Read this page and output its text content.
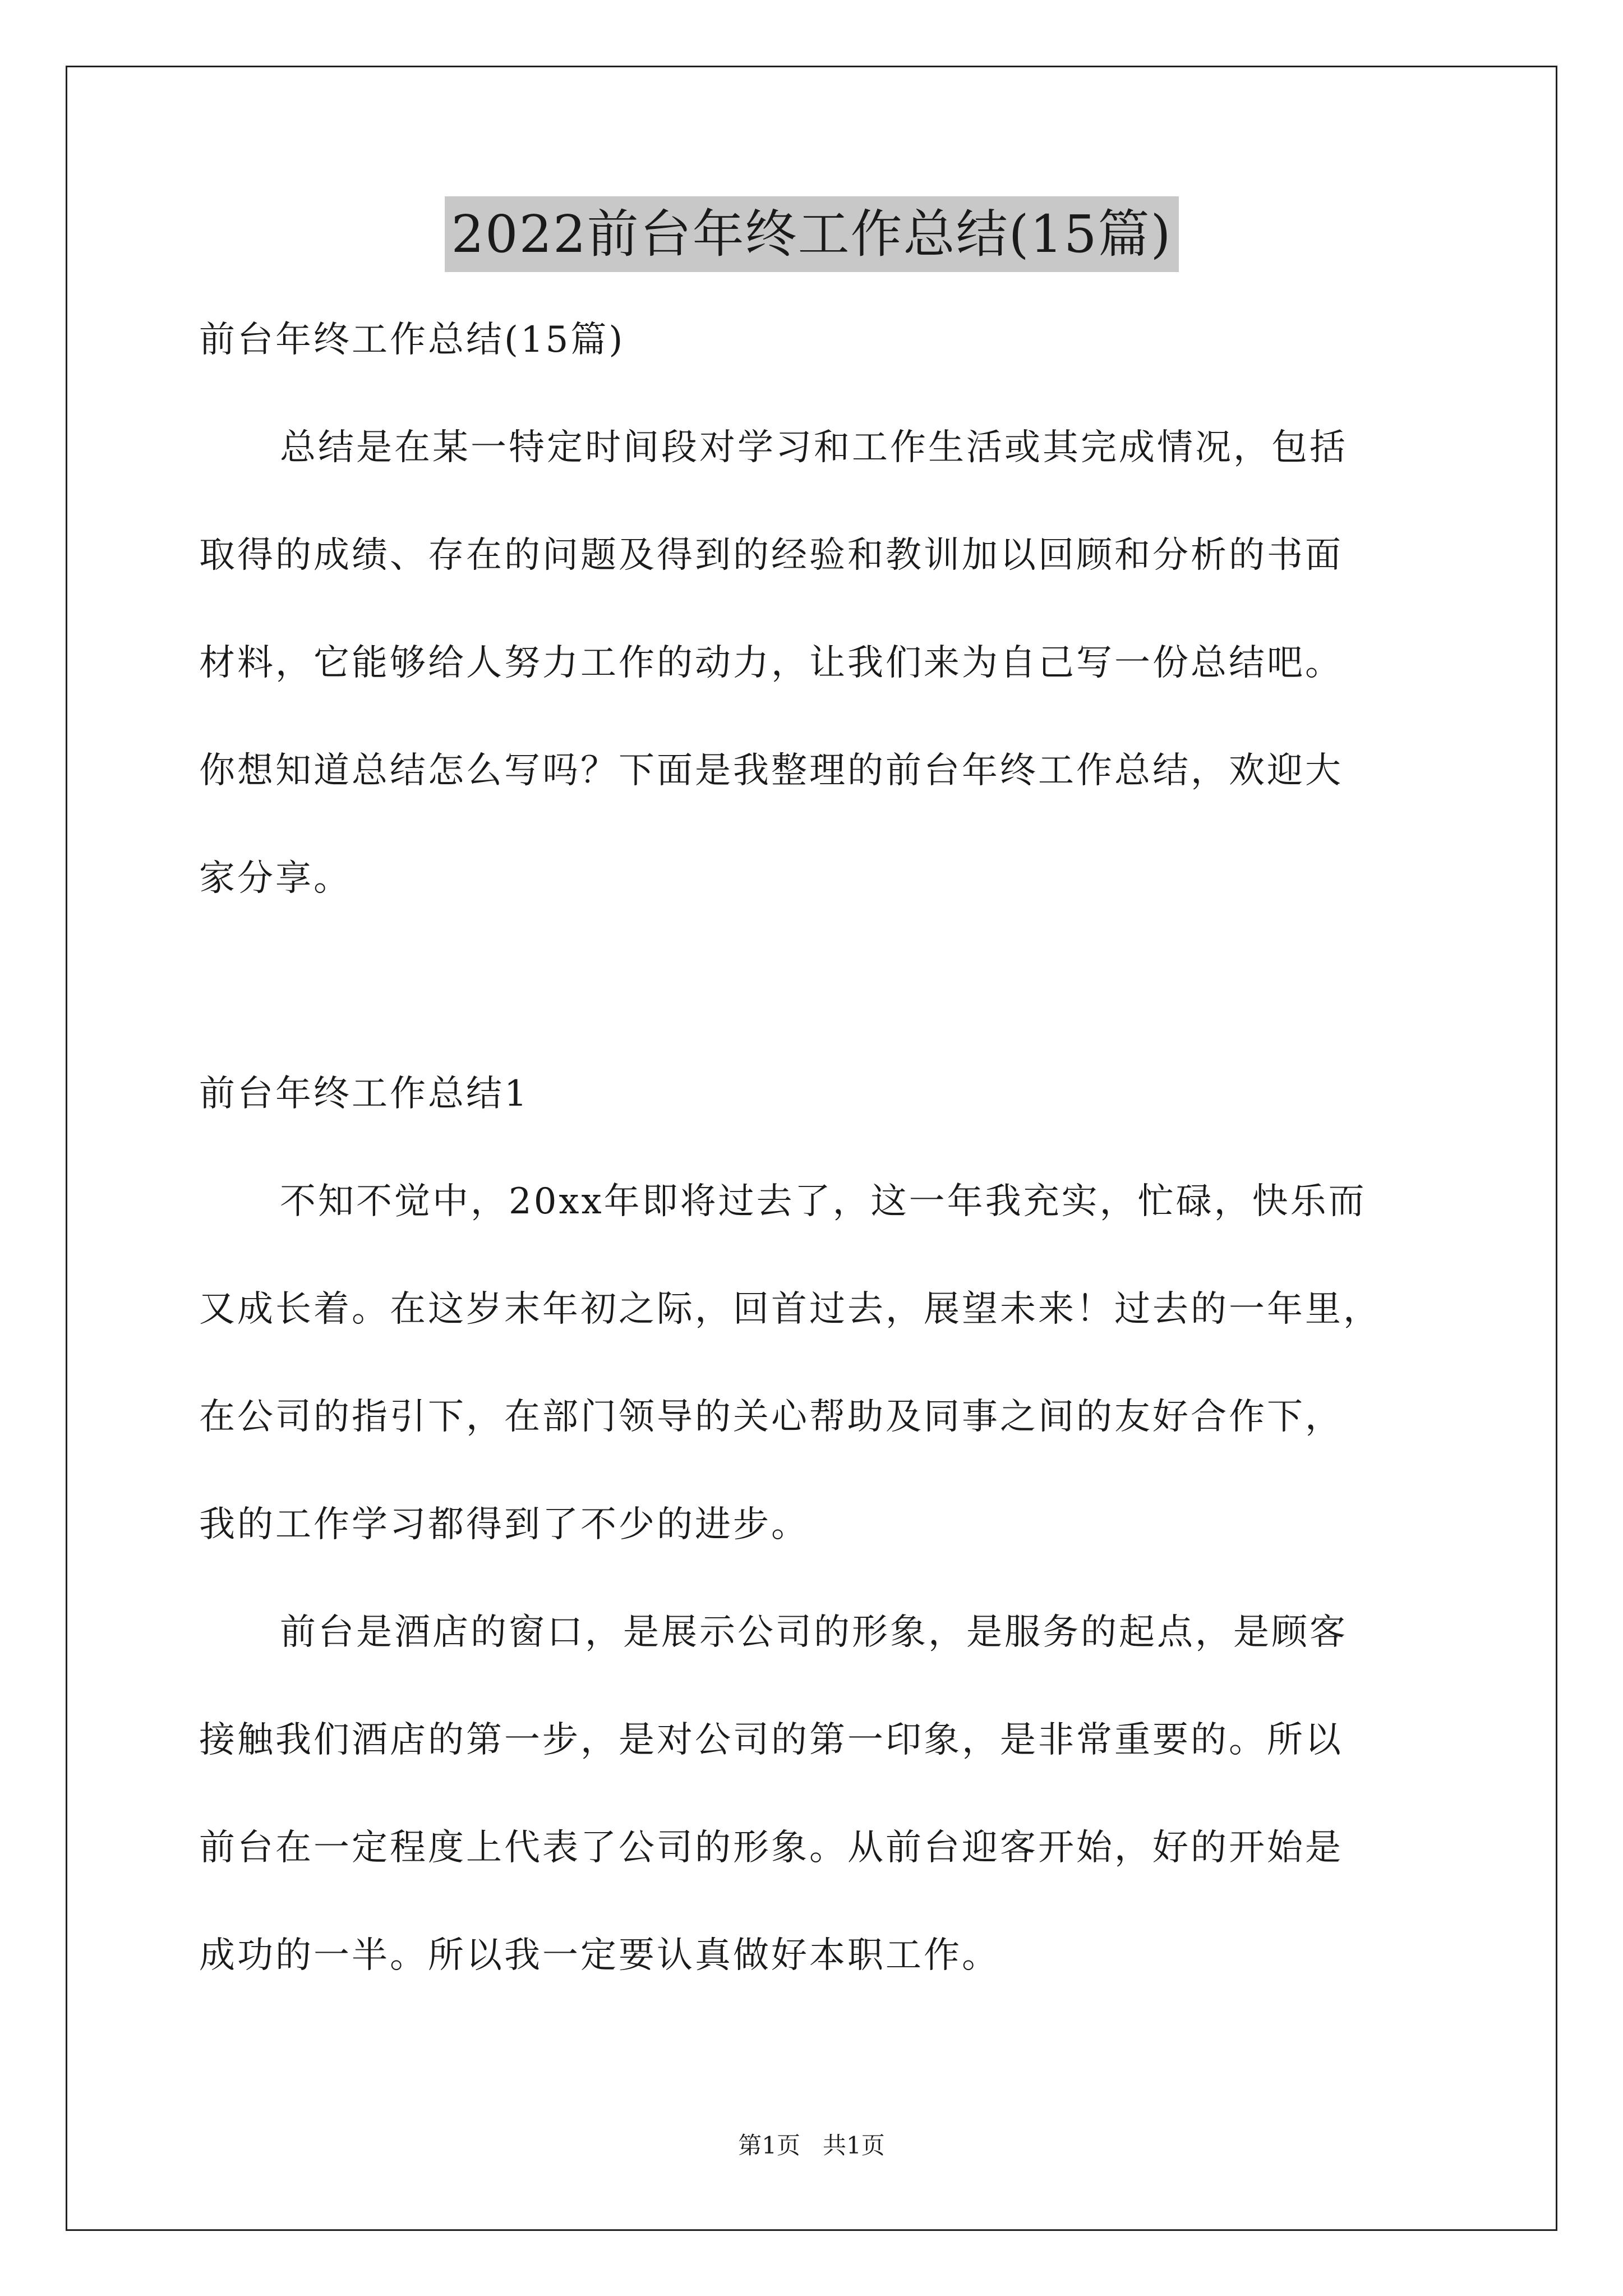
2022前台年终工作总结(15篇)
前台年终工作总结(15篇)
总结是在某一特定时间段对学习和工作生活或其完成情况，包括
取得的成绩、存在的问题及得到的经验和教训加以回顾和分析的书面
材料，它能够给人努力工作的动力，让我们来为自己写一份总结吧。
你想知道总结怎么写吗？下面是我整理的前台年终工作总结，欢迎大
家分享。
前台年终工作总结1
不知不觉中，20xx年即将过去了，这一年我充实，忙碌，快乐而
又成长着。在这岁末年初之际，回首过去，展望未来！过去的一年里，
在公司的指引下，在部门领导的关心帮助及同事之间的友好合作下，
我的工作学习都得到了不少的进步。
前台是酒店的窗口，是展示公司的形象，是服务的起点，是顾客
接触我们酒店的第一步，是对公司的第一印象，是非常重要的。所以
前台在一定程度上代表了公司的形象。从前台迎客开始，好的开始是
成功的一半。所以我一定要认真做好本职工作。
第1页   共1页
